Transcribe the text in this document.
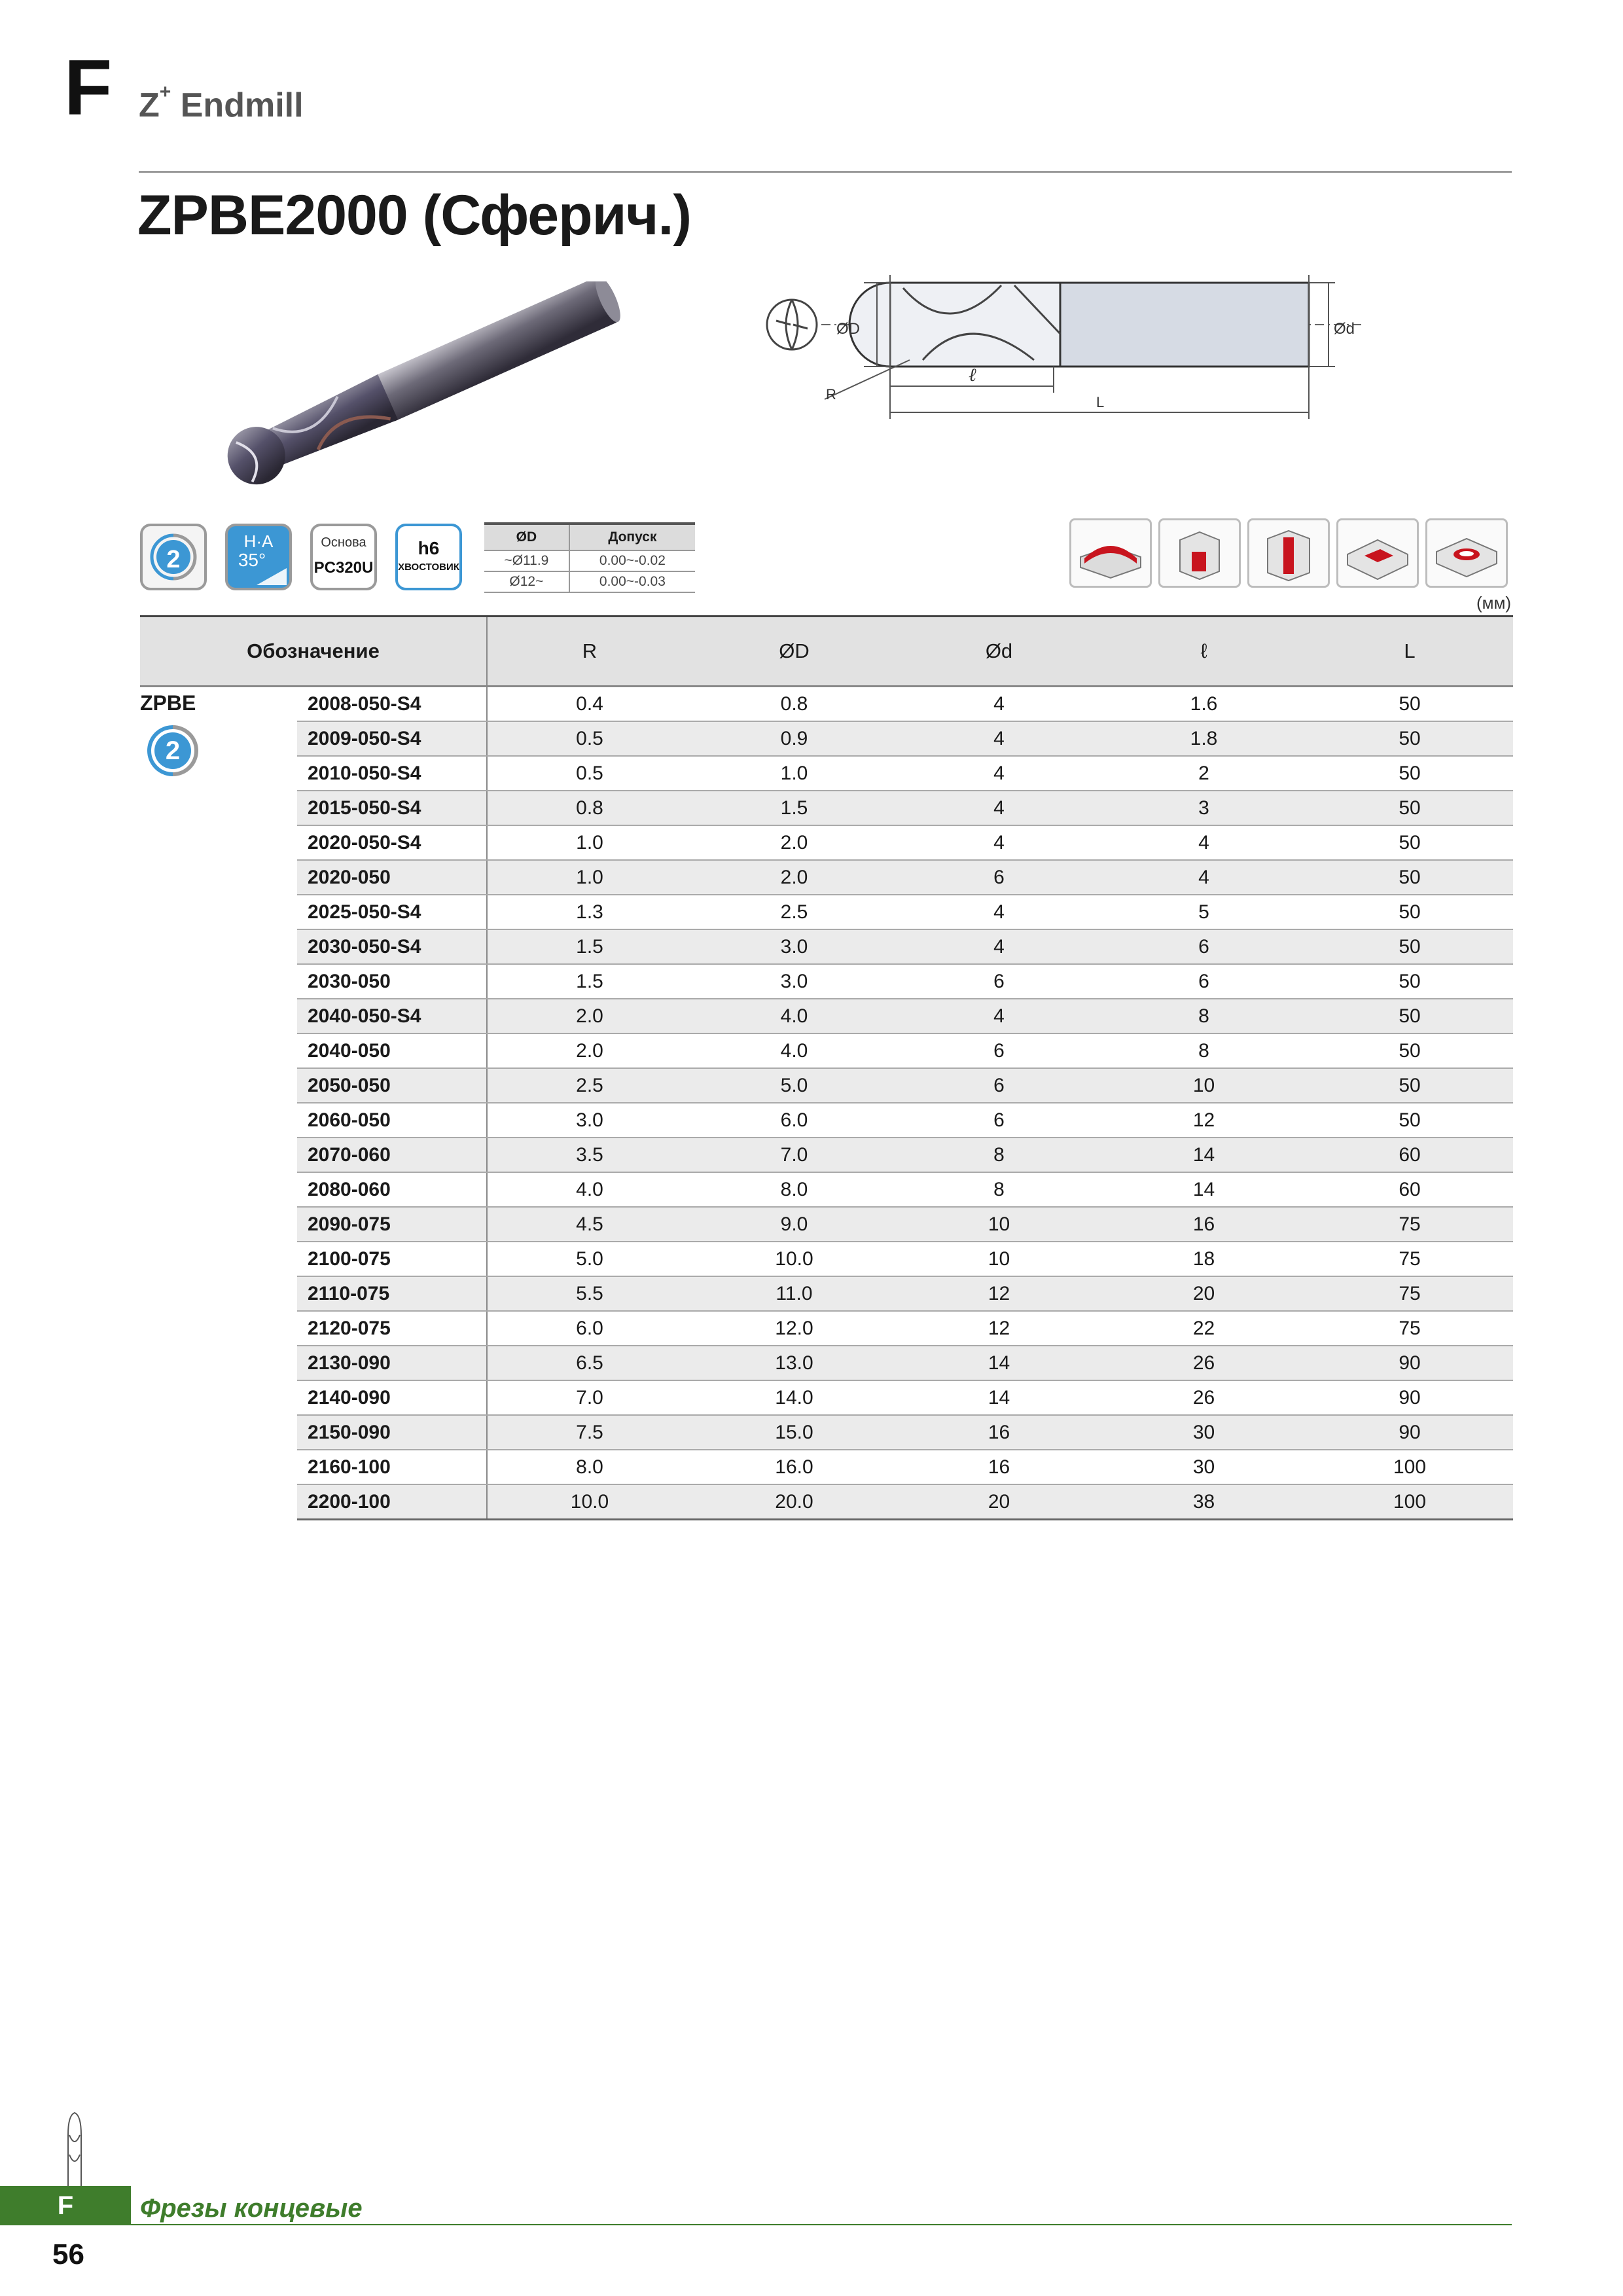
F Z+ Endmill
ZPBE2000 (Сферич.)
ØD	Ød
R
ℓ
L
2
H·A
35°
Основа
PC320U
h6
ХВОСТОВИК
ØD	Допуск
~Ø11.9	0.00~-0.02
Ø12~	0.00~-0.03
(мм)
Обозначение		R	ØD	Ød	ℓ	L

ZPBE
2	2008-050-S4	0.4	0.8	4	1.6	50
	2009-050-S4	0.5	0.9	4	1.8	50
	2010-050-S4	0.5	1.0	4	2	50
	2015-050-S4	0.8	1.5	4	3	50
	2020-050-S4	1.0	2.0	4	4	50
	2020-050	1.0	2.0	6	4	50
	2025-050-S4	1.3	2.5	4	5	50
	2030-050-S4	1.5	3.0	4	6	50
	2030-050	1.5	3.0	6	6	50
	2040-050-S4	2.0	4.0	4	8	50
	2040-050	2.0	4.0	6	8	50
	2050-050	2.5	5.0	6	10	50
	2060-050	3.0	6.0	6	12	50
	2070-060	3.5	7.0	8	14	60
	2080-060	4.0	8.0	8	14	60
	2090-075	4.5	9.0	10	16	75
	2100-075	5.0	10.0	10	18	75
	2110-075	5.5	11.0	12	20	75
	2120-075	6.0	12.0	12	22	75
	2130-090	6.5	13.0	14	26	90
	2140-090	7.0	14.0	14	26	90
	2150-090	7.5	15.0	16	30	90
	2160-100	8.0	16.0	16	30	100
	2200-100	10.0	20.0	20	38	100
F	Фрезы концевые
56
